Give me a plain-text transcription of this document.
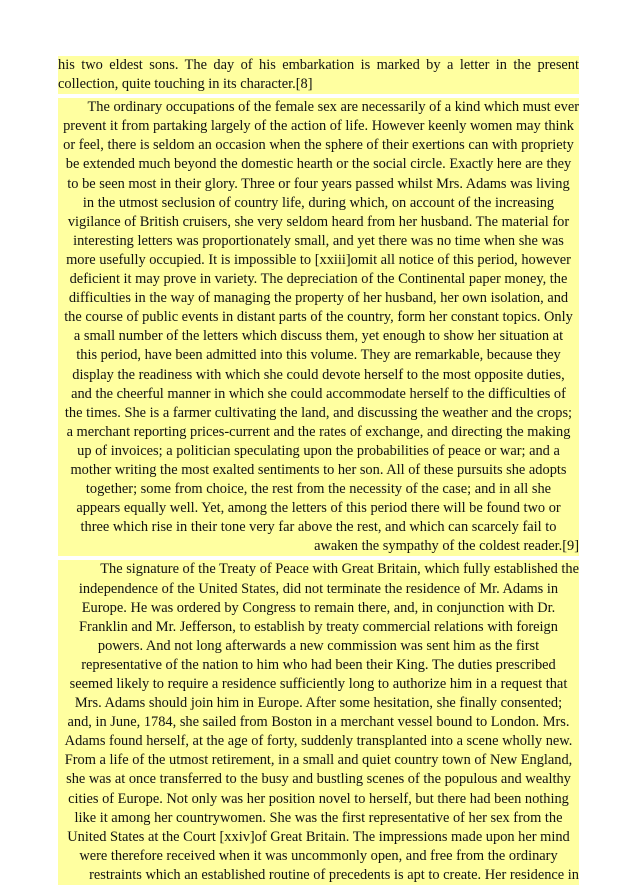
his two eldest sons. The day of his embarkation is marked by a letter in the present
collection, quite touching in its character.[8]
The ordinary occupations of the female sex are necessarily of a kind which must ever
prevent it from partaking largely of the action of life. However keenly women may think
or feel, there is seldom an occasion when the sphere of their exertions can with propriety
be extended much beyond the domestic hearth or the social circle. Exactly here are they
to be seen most in their glory. Three or four years passed whilst Mrs. Adams was living
in the utmost seclusion of country life, during which, on account of the increasing
vigilance of British cruisers, she very seldom heard from her husband. The material for
interesting letters was proportionately small, and yet there was no time when she was
more usefully occupied. It is impossible to [xxiii]omit all notice of this period, however
deficient it may prove in variety. The depreciation of the Continental paper money, the
difficulties in the way of managing the property of her husband, her own isolation, and
the course of public events in distant parts of the country, form her constant topics. Only
a small number of the letters which discuss them, yet enough to show her situation at
this period, have been admitted into this volume. They are remarkable, because they
display the readiness with which she could devote herself to the most opposite duties,
and the cheerful manner in which she could accommodate herself to the difficulties of
the times. She is a farmer cultivating the land, and discussing the weather and the crops;
a merchant reporting prices-current and the rates of exchange, and directing the making
up of invoices; a politician speculating upon the probabilities of peace or war; and a
mother writing the most exalted sentiments to her son. All of these pursuits she adopts
together; some from choice, the rest from the necessity of the case; and in all she
appears equally well. Yet, among the letters of this period there will be found two or
three which rise in their tone very far above the rest, and which can scarcely fail to
awaken the sympathy of the coldest reader.[9]
The signature of the Treaty of Peace with Great Britain, which fully established the
independence of the United States, did not terminate the residence of Mr. Adams in
Europe. He was ordered by Congress to remain there, and, in conjunction with Dr.
Franklin and Mr. Jefferson, to establish by treaty commercial relations with foreign
powers. And not long afterwards a new commission was sent him as the first
representative of the nation to him who had been their King. The duties prescribed
seemed likely to require a residence sufficiently long to authorize him in a request that
Mrs. Adams should join him in Europe. After some hesitation, she finally consented;
and, in June, 1784, she sailed from Boston in a merchant vessel bound to London. Mrs.
Adams found herself, at the age of forty, suddenly transplanted into a scene wholly new.
From a life of the utmost retirement, in a small and quiet country town of New England,
she was at once transferred to the busy and bustling scenes of the populous and wealthy
cities of Europe. Not only was her position novel to herself, but there had been nothing
like it among her countrywomen. She was the first representative of her sex from the
United States at the Court [xxiv]of Great Britain. The impressions made upon her mind
were therefore received when it was uncommonly open, and free from the ordinary
restraints which an established routine of precedents is apt to create. Her residence in
